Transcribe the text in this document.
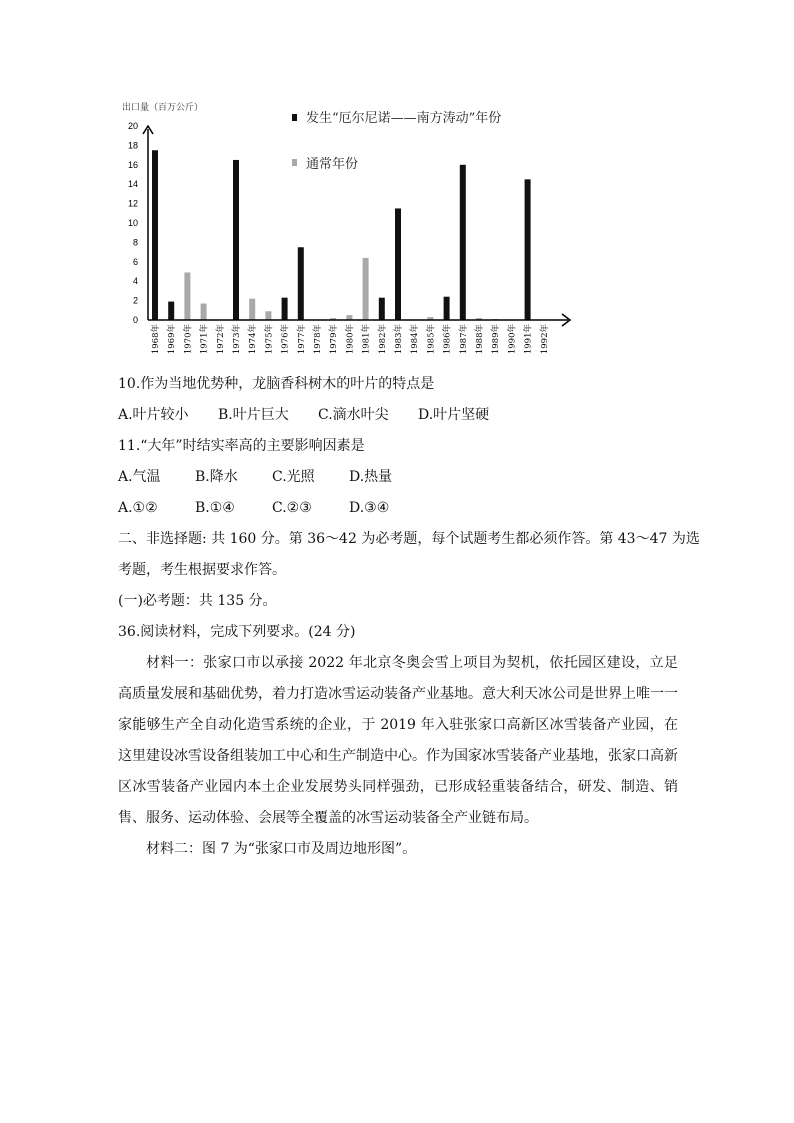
出口量（百万公斤）
0
2
4
6
8
10
12
14
16
18
20
1968年 1969年 1970年 1971年 1972年 1973年 1974年 1975年 1976年 1977年 1978年 1979年 1980年 1981年 1982年 1983年 1984年 1985年 1986年 1987年 1988年 1989年 1990年 1991年 1992年
发生“厄尔尼诺——南方涛动”年份
通常年份
10.作为当地优势种，龙脑香科树木的叶片的特点是
A.叶片较小	B.叶片巨大	C.滴水叶尖	D.叶片坚硬
11.“大年”时结实率高的主要影响因素是
A.气温	B.降水	C.光照	D.热量
A.①②	B.①④	C.②③	D.③④
二、非选择题: 共 160 分。第 36～42 为必考题，每个试题考生都必须作答。第 43～47 为选
考题，考生根据要求作答。
(一)必考题：共 135 分。
36.阅读材料，完成下列要求。(24 分)
材料一：张家口市以承接 2022 年北京冬奥会雪上项目为契机，依托园区建设，立足高质量发展和基础优势，着力打造冰雪运动装备产业基地。意大利天冰公司是世界上唯一一家能够生产全自动化造雪系统的企业，于 2019 年入驻张家口高新区冰雪装备产业园，在这里建设冰雪设备组装加工中心和生产制造中心。作为国家冰雪装备产业基地，张家口高新区冰雪装备产业园内本土企业发展势头同样强劲，已形成轻重装备结合，研发、制造、销售、服务、运动体验、会展等全覆盖的冰雪运动装备全产业链布局。
材料二：图 7 为“张家口市及周边地形图”。
